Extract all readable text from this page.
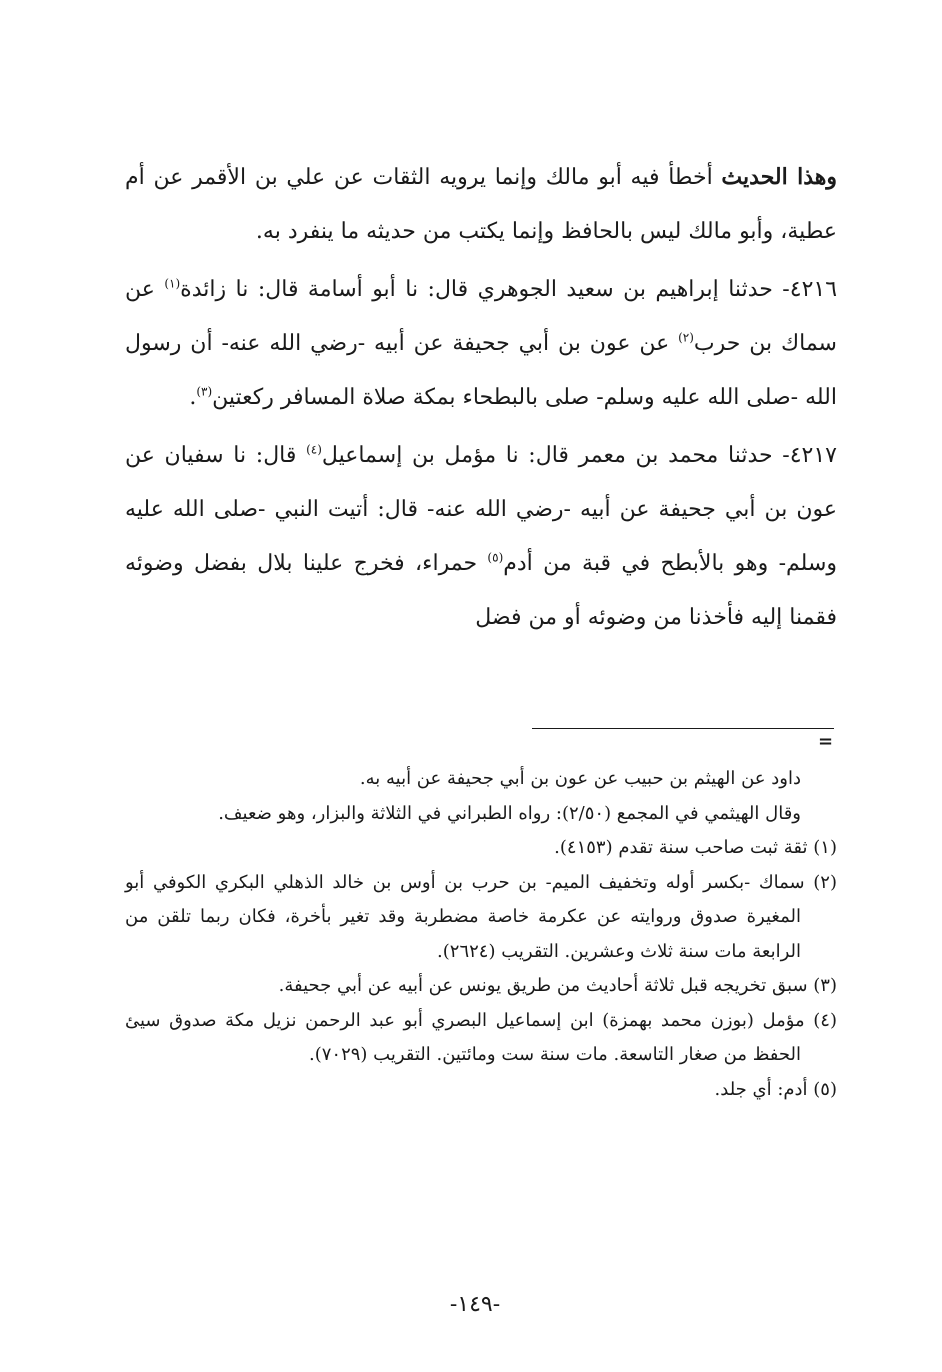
وهذا الحديث أخطأ فيه أبو مالك وإنما يرويه الثقات عن علي بن الأقمر عن أم عطية، وأبو مالك ليس بالحافظ وإنما يكتب من حديثه ما ينفرد به.

٤٢١٦- حدثنا إبراهيم بن سعيد الجوهري قال: نا أبو أسامة قال: نا زائدة$^{(١)}$ عن سماك بن حرب$^{(٢)}$ عن عون بن أبي جحيفة عن أبيه -رضي الله عنه- أن رسول الله -صلى الله عليه وسلم- صلى بالبطحاء بمكة صلاة المسافر ركعتين$^{(٣)}$.

٤٢١٧- حدثنا محمد بن معمر قال: نا مؤمل بن إسماعيل$^{(٤)}$ قال: نا سفيان عن عون بن أبي جحيفة عن أبيه -رضي الله عنه- قال: أتيت النبي -صلى الله عليه وسلم- وهو بالأبطح في قبة من أدم$^{(٥)}$ حمراء، فخرج علينا بلال بفضل وضوئه فقمنا إليه فأخذنا من وضوئه أو من فضل

=

داود عن الهيثم بن حبيب عن عون بن أبي جحيفة عن أبيه به.

وقال الهيثمي في المجمع (٢/٥٠): رواه الطبراني في الثلاثة والبزار، وهو ضعيف.

(١) ثقة ثبت صاحب سنة تقدم (٤١٥٣).

(٢) سماك -بكسر أوله وتخفيف الميم- بن حرب بن أوس بن خالد الذهلي البكري الكوفي أبو المغيرة صدوق وروايته عن عكرمة خاصة مضطربة وقد تغير بأخرة، فكان ربما تلقن من الرابعة مات سنة ثلاث وعشرين. التقريب (٢٦٢٤).

(٣) سبق تخريجه قبل ثلاثة أحاديث من طريق يونس عن أبيه عن أبي جحيفة.

(٤) مؤمل (بوزن محمد بهمزة) ابن إسماعيل البصري أبو عبد الرحمن نزيل مكة صدوق سيئ الحفظ من صغار التاسعة. مات سنة ست ومائتين. التقريب (٧٠٢٩).

(٥) أدم: أي جلد.

-١٤٩-
